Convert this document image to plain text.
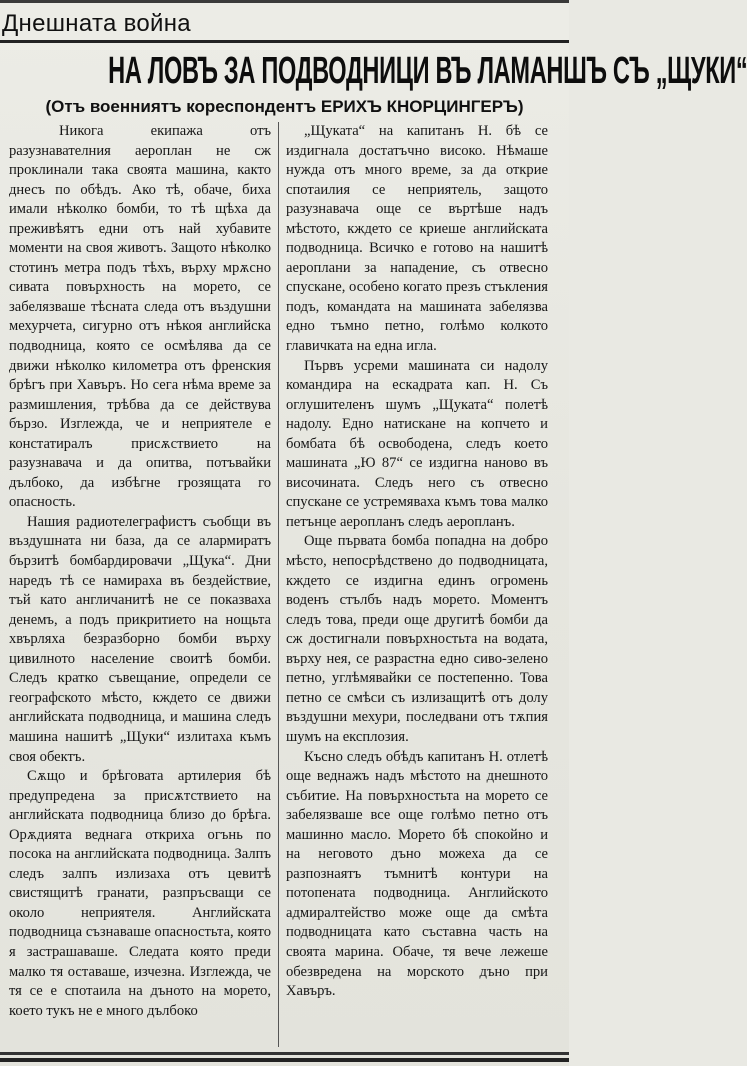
Днешната война
НА ЛОВЪ ЗА ПОДВОДНИЦИ ВЪ ЛАМАНШЪ СЪ „ЩУКИ“
(Отъ военниятъ кореспондентъ ЕРИХЪ КНОРЦИНГЕРЪ)

Никога екипажа отъ разузнавателния аероплан не сж проклинали така своята машина, както днесъ по обѣдъ. Ако тѣ, обаче, биха имали нѣколко бомби, то тѣ щѣха да преживѣятъ едни отъ най хубавите моменти на своя животъ. Защото нѣколко стотинъ метра подъ тѣхъ, върху мрѫсно сивата повърхность на морето, се забелязваше тѣсната следа отъ въздушни мехурчета, сигурно отъ нѣкоя английска подводница, която се осмѣлява да се движи нѣколко километра отъ френския брѣгъ при Хавъръ. Но сега нѣма време за размишления, трѣбва да се действува бързо. Изглежда, че и неприятеле е констатиралъ присѫствието на разузнавача и да опитва, потъвайки дълбоко, да избѣгне грозящата го опасность.

Нашия радиотелеграфистъ съобщи въ въздушната ни база, да се алармиратъ бързитѣ бомбардировачи „Щука“. Дни наредъ тѣ се намираха въ бездействие, тъй като англичанитѣ не се показваха денемъ, а подъ прикритието на нощьта хвърляха безразборно бомби върху цивилното население своитѣ бомби. Следъ кратко съвещание, определи се географското мѣсто, кждето се движи английската подводница, и машина следъ машина нашитѣ „Щуки“ излитаха къмъ своя обектъ.

Сѫщо и брѣговата артилерия бѣ предупредена за присѫтствието на английската подводница близо до брѣга. Орѫдията веднага откриха огънь по посока на английската подводница. Залпъ следъ залпъ излизаха отъ цевитѣ свистящитѣ гранати, разпръсващи се около неприятеля. Английската подводница съзнаваше опасностьта, която я застрашаваше. Следата която преди малко тя оставаше, изчезна. Изглежда, че тя се е спотаила на дъното на морето, което тукъ не е много дълбоко

„Щуката“ на капитанъ Н. бѣ се издигнала достатъчно високо. Нѣмаше нужда отъ много време, за да открие спотаилия се неприятель, защото разузнавача още се въртѣше надъ мѣстото, кждето се криеше английската подводница. Всичко е готово на нашитѣ аероплани за нападение, съ отвесно спускане, особено когато презъ стъкления подъ, командата на машината забелязва едно тъмно петно, голѣмо колкото главичката на една игла.

Първъ усреми машината си надолу командира на ескадрата кап. Н. Съ оглушителенъ шумъ „Щуката“ полетѣ надолу. Едно натискане на копчето и бомбата бѣ освободена, следъ което машината „Ю 87“ се издигна наново въ височината. Следъ него съ отвесно спускане се устремяваха къмъ това малко петънце аеропланъ следъ аеропланъ.

Още първата бомба попадна на добро мѣсто, непосрѣдствено до подводницата, кждето се издигна единъ огромень воденъ стълбъ надъ морето. Моментъ следъ това, преди още другитѣ бомби да сж достигнали повърхностьта на водата, върху нея, се разрастна едно сиво-зелено петно, углѣмявайки се постепенно. Това петно се смѣси съ излизащитѣ отъ долу въздушни мехури, последвани отъ тѫпия шумъ на експлозия.

Късно следъ обѣдъ капитанъ Н. отлетѣ още веднажъ надъ мѣстото на днешното събитие. На повърхностьта на морето се забелязваше все още голѣмо петно отъ машинно масло. Морето бѣ спокойно и на неговото дъно можеха да се разпознаятъ тъмнитѣ контури на потопената подводница. Английското адмиралтейство може още да смѣта подводницата като съставна часть на своята марина. Обаче, тя вече лежеше обезвредена на морското дъно при Хавъръ.
